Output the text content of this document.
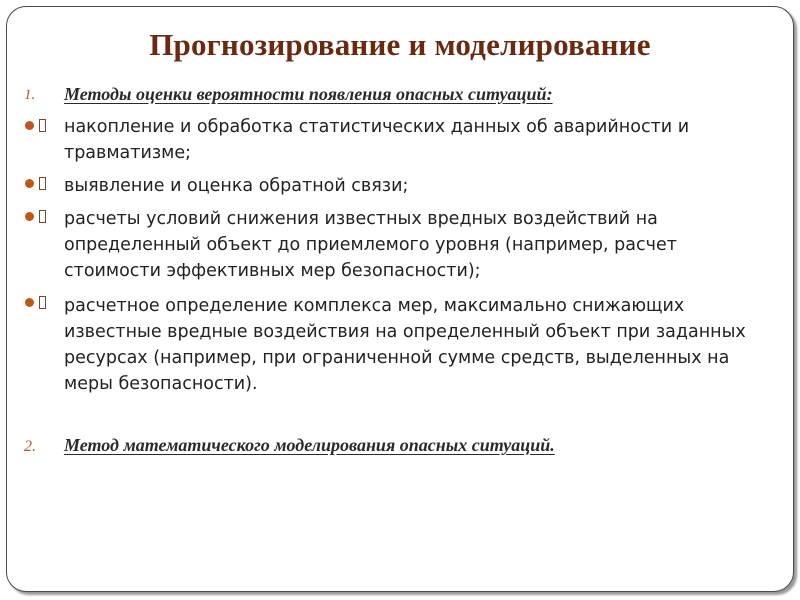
Прогнозирование и моделирование
1. Методы оценки вероятности появления опасных ситуаций:
накопление и обработка статистических данных об аварийности и травматизме;
выявление и оценка обратной связи;
расчеты условий снижения известных вредных воздействий на определенный объект до приемлемого уровня (например, расчет стоимости эффективных мер безопасности);
расчетное определение комплекса мер, максимально снижающих известные вредные воздействия на определенный объект при заданных ресурсах (например, при ограниченной сумме средств, выделенных на меры безопасности).
2. Метод математического моделирования опасных ситуаций.
